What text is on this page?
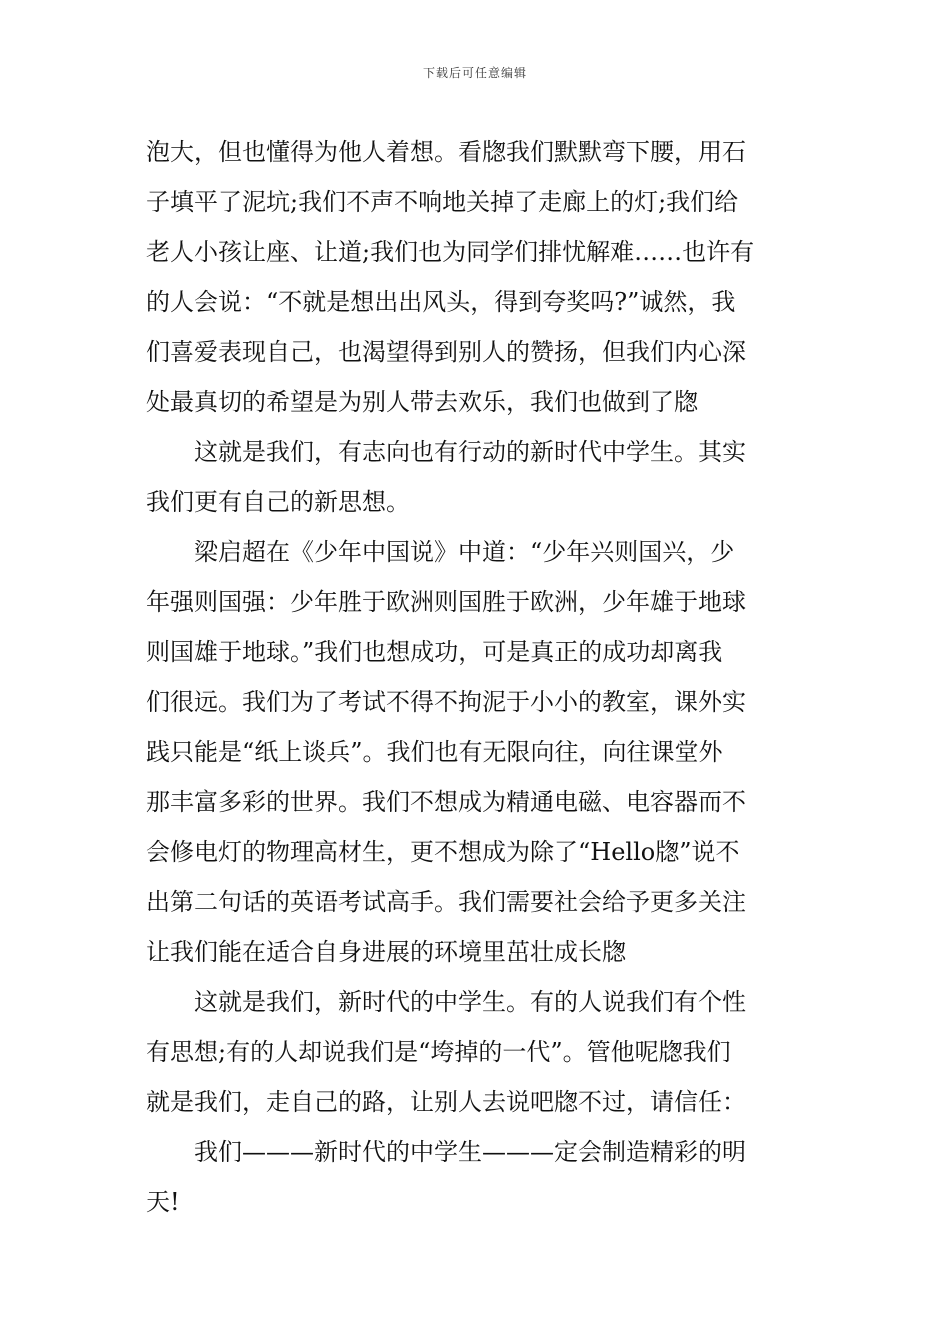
下载后可任意编辑
泡大，但也懂得为他人着想。看牎我们默默弯下腰，用石
子填平了泥坑;我们不声不响地关掉了走廊上的灯;我们给
老人小孩让座、让道;我们也为同学们排忧解难……也许有
的人会说：“不就是想出出风头，得到夸奖吗?”诚然，我
们喜爱表现自己，也渴望得到别人的赞扬，但我们内心深
处最真切的希望是为别人带去欢乐，我们也做到了牎
　　这就是我们，有志向也有行动的新时代中学生。其实
我们更有自己的新思想。
　　梁启超在《少年中国说》中道：“少年兴则国兴，少
年强则国强：少年胜于欧洲则国胜于欧洲，少年雄于地球
则国雄于地球。”我们也想成功，可是真正的成功却离我
们很远。我们为了考试不得不拘泥于小小的教室，课外实
践只能是“纸上谈兵”。我们也有无限向往，向往课堂外
那丰富多彩的世界。我们不想成为精通电磁、电容器而不
会修电灯的物理高材生，更不想成为除了“Hello牎”说不
出第二句话的英语考试高手。我们需要社会给予更多关注
让我们能在适合自身进展的环境里茁壮成长牎
　　这就是我们，新时代的中学生。有的人说我们有个性
有思想;有的人却说我们是“垮掉的一代”。管他呢牎我们
就是我们，走自己的路，让别人去说吧牎不过，请信任：
　　我们———新时代的中学生———定会制造精彩的明
天!
